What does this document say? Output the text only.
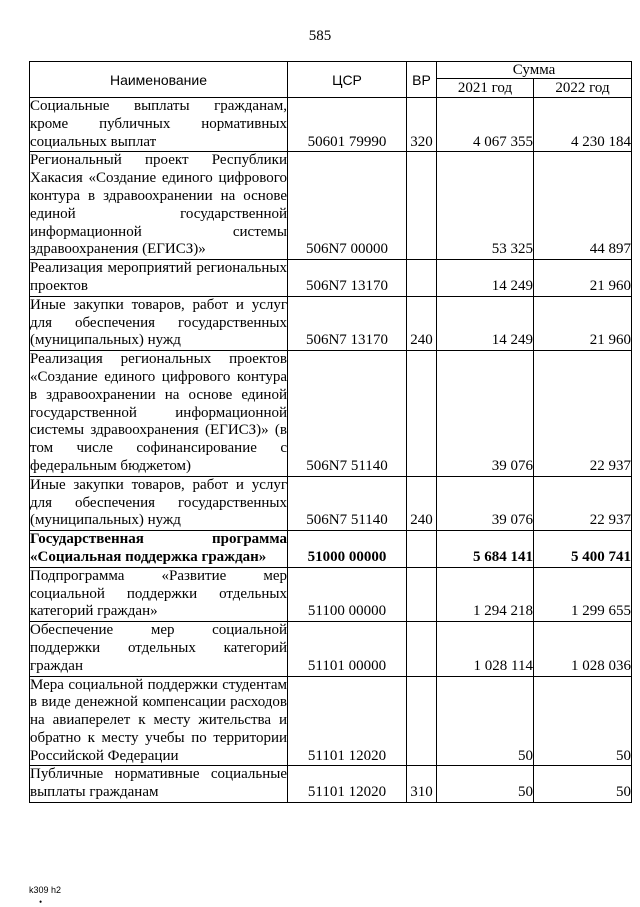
585
Наименование	ЦСР	ВР	Сумма	
			2021 год	2022 год
Социальные выплаты гражданам, кроме публичных нормативных социальных выплат	50601 79990	320	4 067 355	4 230 184
Региональный проект Республики Хакасия «Создание единого цифрового контура в здравоохранении на основе единой государственной информационной системы здравоохранения (ЕГИСЗ)»	506N7 00000		53 325	44 897
Реализация мероприятий региональных проектов	506N7 13170		14 249	21 960
Иные закупки товаров, работ и услуг для обеспечения государственных (муниципальных) нужд	506N7 13170	240	14 249	21 960
Реализация региональных проектов «Создание единого цифрового контура в здравоохранении на основе единой государственной информационной системы здравоохранения (ЕГИСЗ)» (в том числе софинансирование с федеральным бюджетом)	506N7 51140		39 076	22 937
Иные закупки товаров, работ и услуг для обеспечения государственных (муниципальных) нужд	506N7 51140	240	39 076	22 937
Государственная программа «Социальная поддержка граждан»	51000 00000		5 684 141	5 400 741
Подпрограмма «Развитие мер социальной поддержки отдельных категорий граждан»	51100 00000		1 294 218	1 299 655
Обеспечение мер социальной поддержки отдельных категорий граждан	51101 00000		1 028 114	1 028 036
Мера социальной поддержки студентам в виде денежной компенсации расходов на авиаперелет к месту жительства и обратно к месту учебы по территории Российской Федерации	51101 12020		50	50
Публичные нормативные социальные выплаты гражданам	51101 12020	310	50	50
k309 h2
•
